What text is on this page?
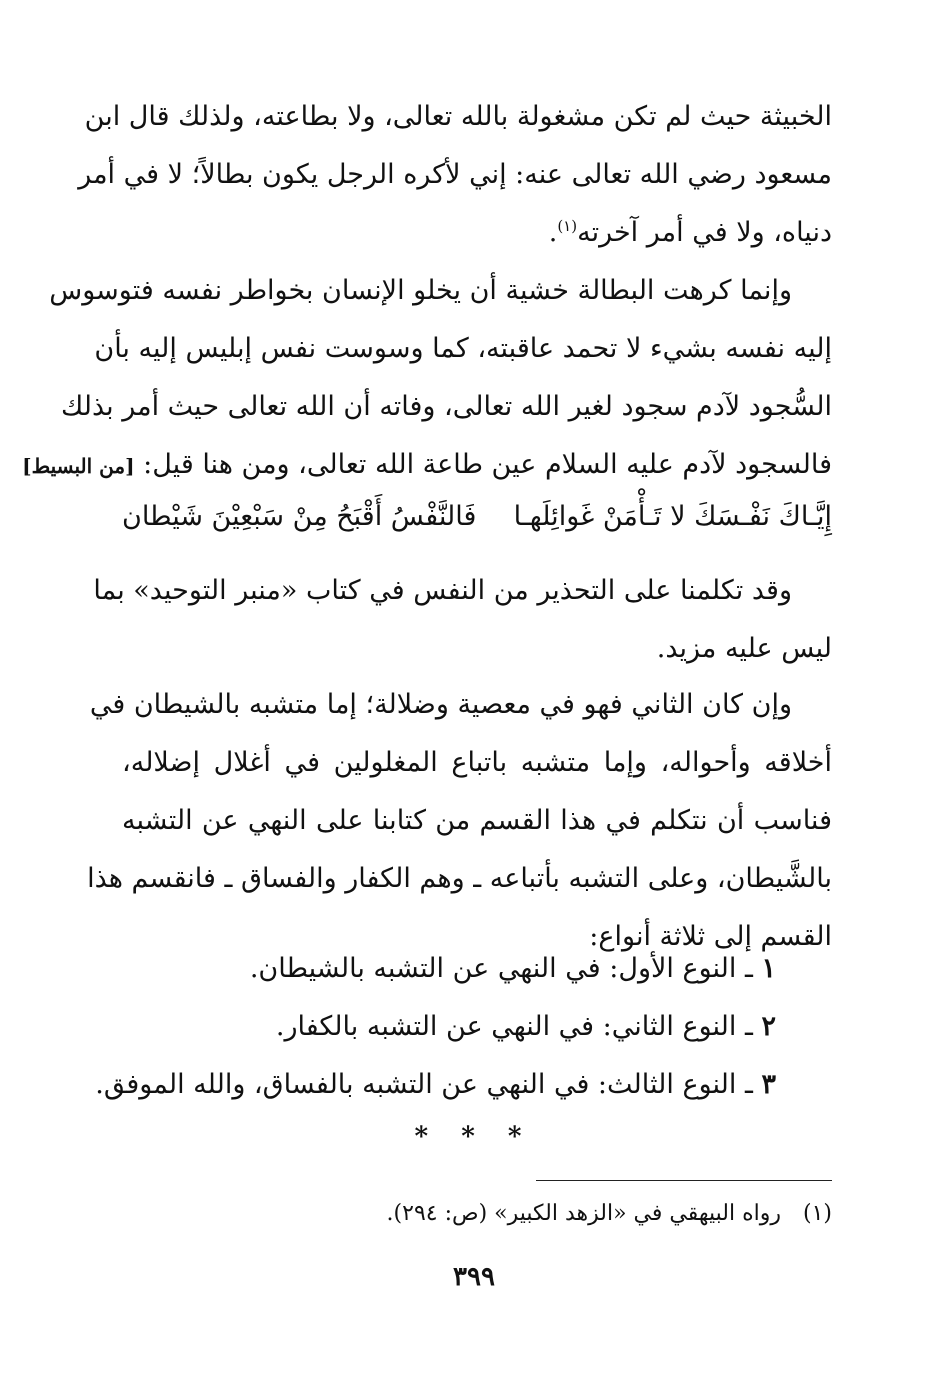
الخبيثة حيث لم تكن مشغولة بالله تعالى، ولا بطاعته، ولذلك قال ابن
مسعود رضي الله تعالى عنه: إني لأكره الرجل يكون بطالاً؛ لا في أمر
دنياه، ولا في أمر آخرته$^{(١)}$.
وإنما كرهت البطالة خشية أن يخلو الإنسان بخواطر نفسه فتوسوس
إليه نفسه بشيء لا تحمد عاقبته، كما وسوست نفس إبليس إليه بأن
السُّجود لآدم سجود لغير الله تعالى، وفاته أن الله تعالى حيث أمر بذلك
فالسجود لآدم عليه السلام عين طاعة الله تعالى، ومن هنا قيل: [من البسيط]
إِيَّـاكَ نَفْـسَكَ لا تَـأْمَنْ غَوائِلَهـا
فَالنَّفْسُ أَقْبَحُ مِنْ سَبْعِيْنَ شَيْطان
وقد تكلمنا على التحذير من النفس في كتاب «منبر التوحيد» بما
ليس عليه مزيد.
وإن كان الثاني فهو في معصية وضلالة؛ إما متشبه بالشيطان في
أخلاقه وأحواله، وإما متشبه باتباع المغلولين في أغلال إضلاله،
فناسب أن نتكلم في هذا القسم من كتابنا على النهي عن التشبه
بالشَّيطان، وعلى التشبه بأتباعه ـ وهم الكفار والفساق ـ فانقسم هذا
القسم إلى ثلاثة أنواع:
١ ـ النوع الأول: في النهي عن التشبه بالشيطان.
٢ ـ النوع الثاني: في النهي عن التشبه بالكفار.
٣ ـ النوع الثالث: في النهي عن التشبه بالفساق، والله الموفق.
* * *
(١)رواه البيهقي في «الزهد الكبير» (ص: ٢٩٤).
٣٩٩
